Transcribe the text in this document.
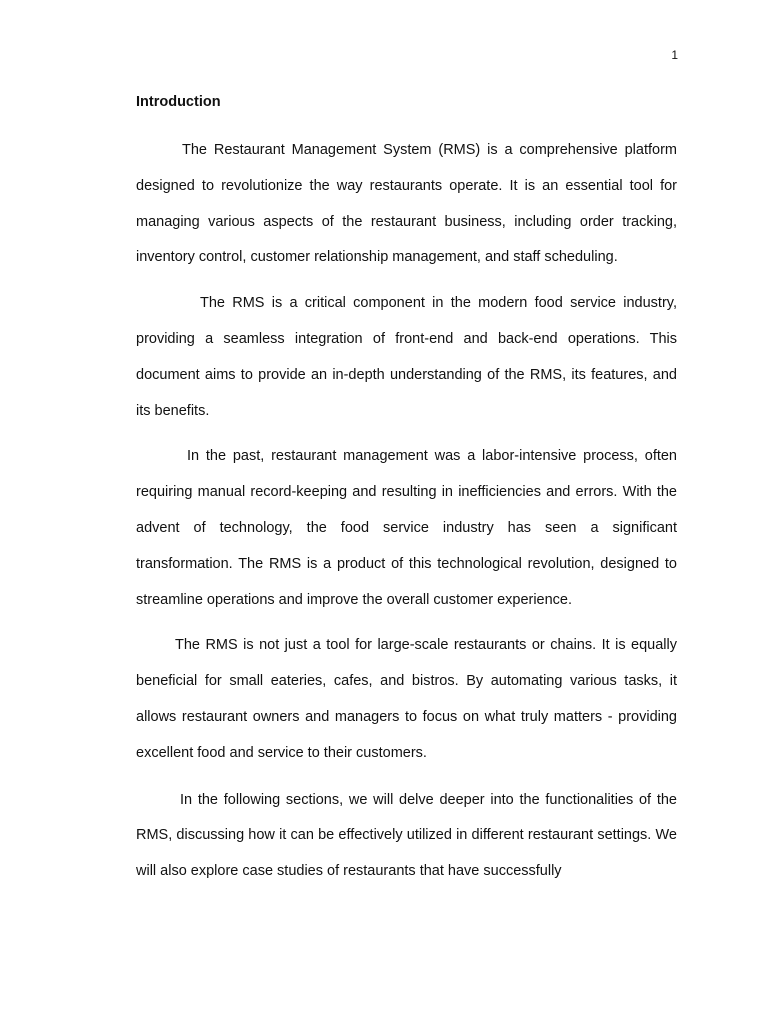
1
Introduction

The Restaurant Management System (RMS) is a comprehensive platform designed to revolutionize the way restaurants operate. It is an essential tool for managing various aspects of the restaurant business, including order tracking, inventory control, customer relationship management, and staff scheduling.

The RMS is a critical component in the modern food service industry, providing a seamless integration of front-end and back-end operations. This document aims to provide an in-depth understanding of the RMS, its features, and its benefits.

In the past, restaurant management was a labor-intensive process, often requiring manual record-keeping and resulting in inefficiencies and errors. With the advent of technology, the food service industry has seen a significant transformation. The RMS is a product of this technological revolution, designed to streamline operations and improve the overall customer experience.

The RMS is not just a tool for large-scale restaurants or chains. It is equally beneficial for small eateries, cafes, and bistros. By automating various tasks, it allows restaurant owners and managers to focus on what truly matters - providing excellent food and service to their customers.

In the following sections, we will delve deeper into the functionalities of the RMS, discussing how it can be effectively utilized in different restaurant settings. We will also explore case studies of restaurants that have successfully
